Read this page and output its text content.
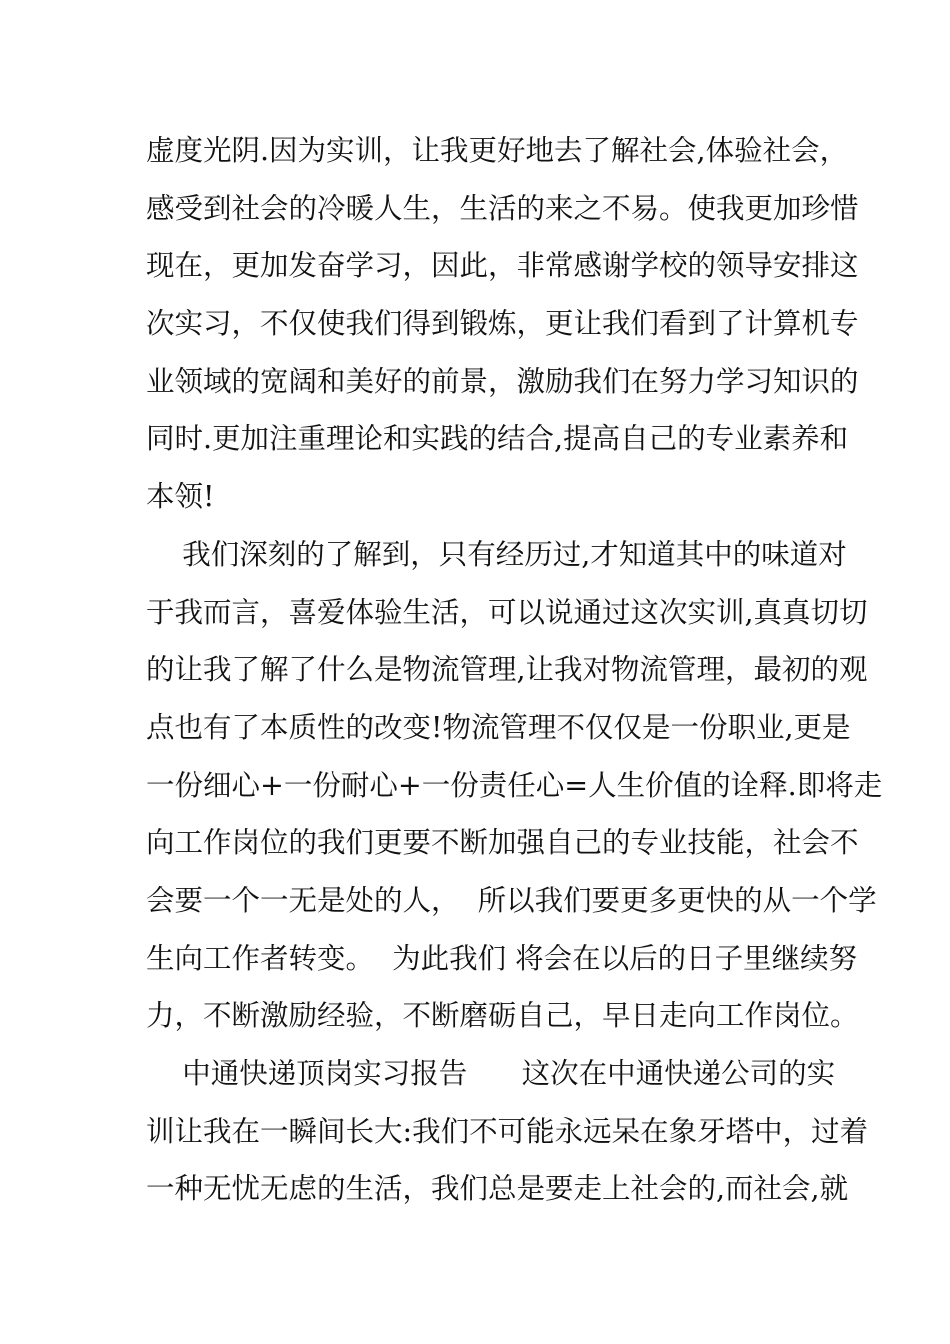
虚度光阴.因为实训，让我更好地去了解社会,体验社会，
感受到社会的冷暖人生，生活的来之不易。使我更加珍惜
现在，更加发奋学习，因此，非常感谢学校的领导安排这
次实习，不仅使我们得到锻炼，更让我们看到了计算机专
业领域的宽阔和美好的前景，激励我们在努力学习知识的
同时.更加注重理论和实践的结合,提高自己的专业素养和
本领!
我们深刻的了解到，只有经历过,才知道其中的味道对
于我而言，喜爱体验生活，可以说通过这次实训,真真切切
的让我了解了什么是物流管理,让我对物流管理，最初的观
点也有了本质性的改变!物流管理不仅仅是一份职业,更是
一份细心+一份耐心+一份责任心=人生价值的诠释.即将走
向工作岗位的我们更要不断加强自己的专业技能，社会不
会要一个一无是处的人，  所以我们要更多更快的从一个学
生向工作者转变。  为此我们 将会在以后的日子里继续努
力，不断激励经验，不断磨砺自己，早日走向工作岗位。
中通快递顶岗实习报告      这次在中通快递公司的实
训让我在一瞬间长大:我们不可能永远呆在象牙塔中，过着
一种无忧无虑的生活，我们总是要走上社会的,而社会,就
